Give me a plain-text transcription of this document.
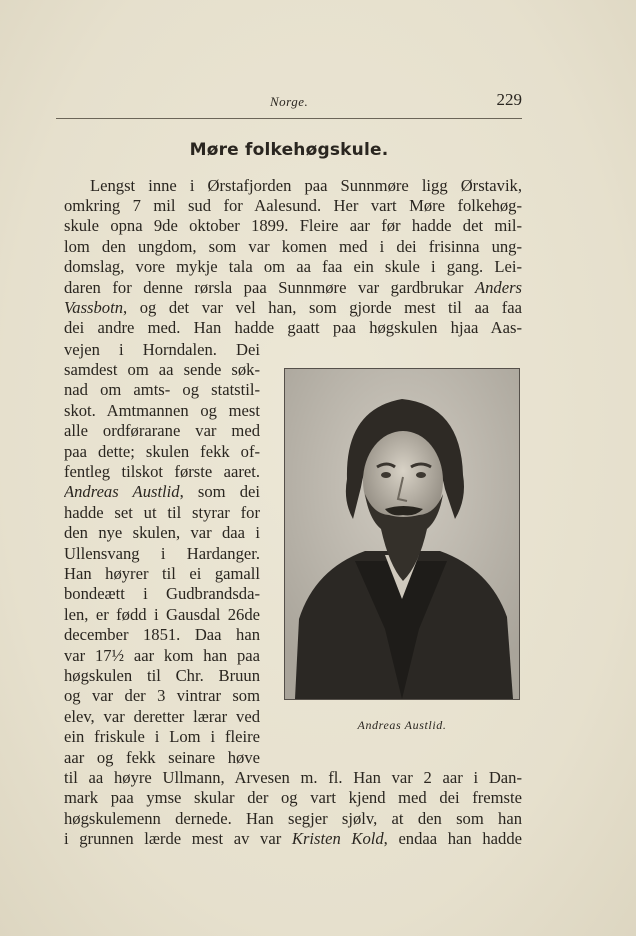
Norge.	229
Møre folkehøgskule.
Lengst inne i Ørstafjorden paa Sunnmøre ligg Ørstavik,
omkring 7 mil sud for Aalesund. Her vart Møre folkehøg-
skule opna 9de oktober 1899. Fleire aar før hadde det mil-
lom den ungdom, som var komen med i dei frisinna ung-
domslag, vore mykje tala om aa faa ein skule i gang. Lei-
daren for denne rørsla paa Sunnmøre var gardbrukar Anders
Vassbotn, og det var vel han, som gjorde mest til aa faa
dei andre med. Han hadde gaatt paa høgskulen hjaa Aas-
vejen i Horndalen. Dei
samdest om aa sende søk-
nad om amts- og statstil-
skot. Amtmannen og mest
alle ordførarane var med
paa dette; skulen fekk of-
fentleg tilskot første aaret.
Andreas Austlid, som dei
hadde set ut til styrar for
den nye skulen, var daa i
Ullensvang i Hardanger.
Han høyrer til ei gamall
bondeætt i Gudbrandsda-
len, er fødd i Gausdal 26de
december 1851. Daa han
var 17½ aar kom han paa
høgskulen til Chr. Bruun
og var der 3 vintrar som
elev, var deretter lærar ved
ein friskule i Lom i fleire
aar og fekk seinare høve
Andreas Austlid.
til aa høyre Ullmann, Arvesen m. fl. Han var 2 aar i Dan-
mark paa ymse skular der og vart kjend med dei fremste
høgskulemenn dernede. Han segjer sjølv, at den som han
i grunnen lærde mest av var Kristen Kold, endaa han hadde
